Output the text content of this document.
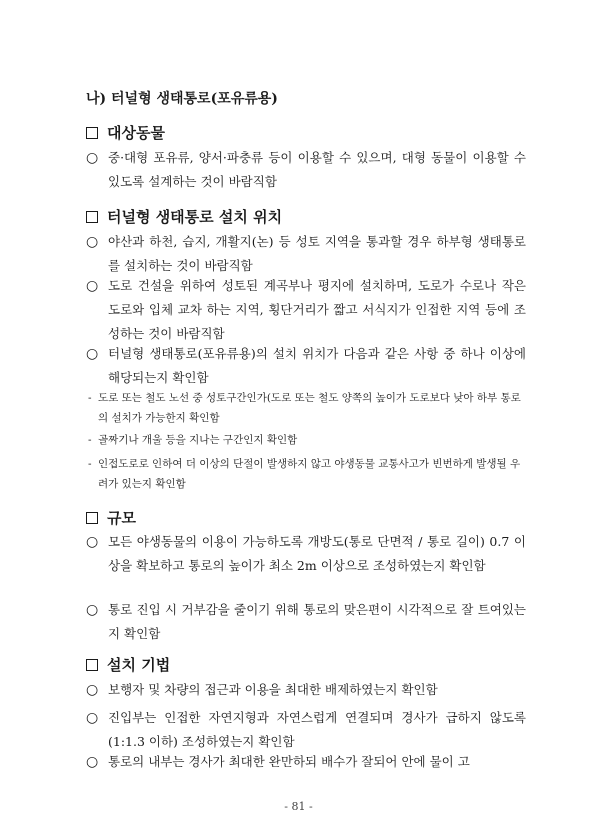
나) 터널형 생태통로(포유류용)
대상동물
○ 중·대형 포유류, 양서·파충류 등이 이용할 수 있으며, 대형 동물이 이용할 수 있도록 설계하는 것이 바람직함
터널형 생태통로 설치 위치
○ 야산과 하천, 습지, 개활지(논) 등 성토 지역을 통과할 경우 하부형 생태통로를 설치하는 것이 바람직함
○ 도로 건설을 위하여 성토된 계곡부나 평지에 설치하며, 도로가 수로나 작은 도로와 입체 교차 하는 지역, 횡단거리가 짧고 서식지가 인접한 지역 등에 조성하는 것이 바람직함
○ 터널형 생태통로(포유류용)의 설치 위치가 다음과 같은 사항 중 하나 이상에 해당되는지 확인함
- 도로 또는 철도 노선 중 성토구간인가(도로 또는 철도 양쪽의 높이가 도로보다 낮아 하부 통로의 설치가 가능한지 확인함
- 골짜기나 개울 등을 지나는 구간인지 확인함
- 인접도로로 인하여 더 이상의 단절이 발생하지 않고 야생동물 교통사고가 빈번하게 발생될 우려가 있는지 확인함
규모
○ 모든 야생동물의 이용이 가능하도록 개방도(통로 단면적 / 통로 길이) 0.7 이상을 확보하고 통로의 높이가 최소 2m 이상으로 조성하였는지 확인함
○ 통로 진입 시 거부감을 줄이기 위해 통로의 맞은편이 시각적으로 잘 트여있는지 확인함
설치 기법
○ 보행자 및 차량의 접근과 이용을 최대한 배제하였는지 확인함
○ 진입부는 인접한 자연지형과 자연스럽게 연결되며 경사가 급하지 않도록(1:1.3 이하) 조성하였는지 확인함
○ 통로의 내부는 경사가 최대한 완만하되 배수가 잘되어 안에 물이 고
- 81 -
